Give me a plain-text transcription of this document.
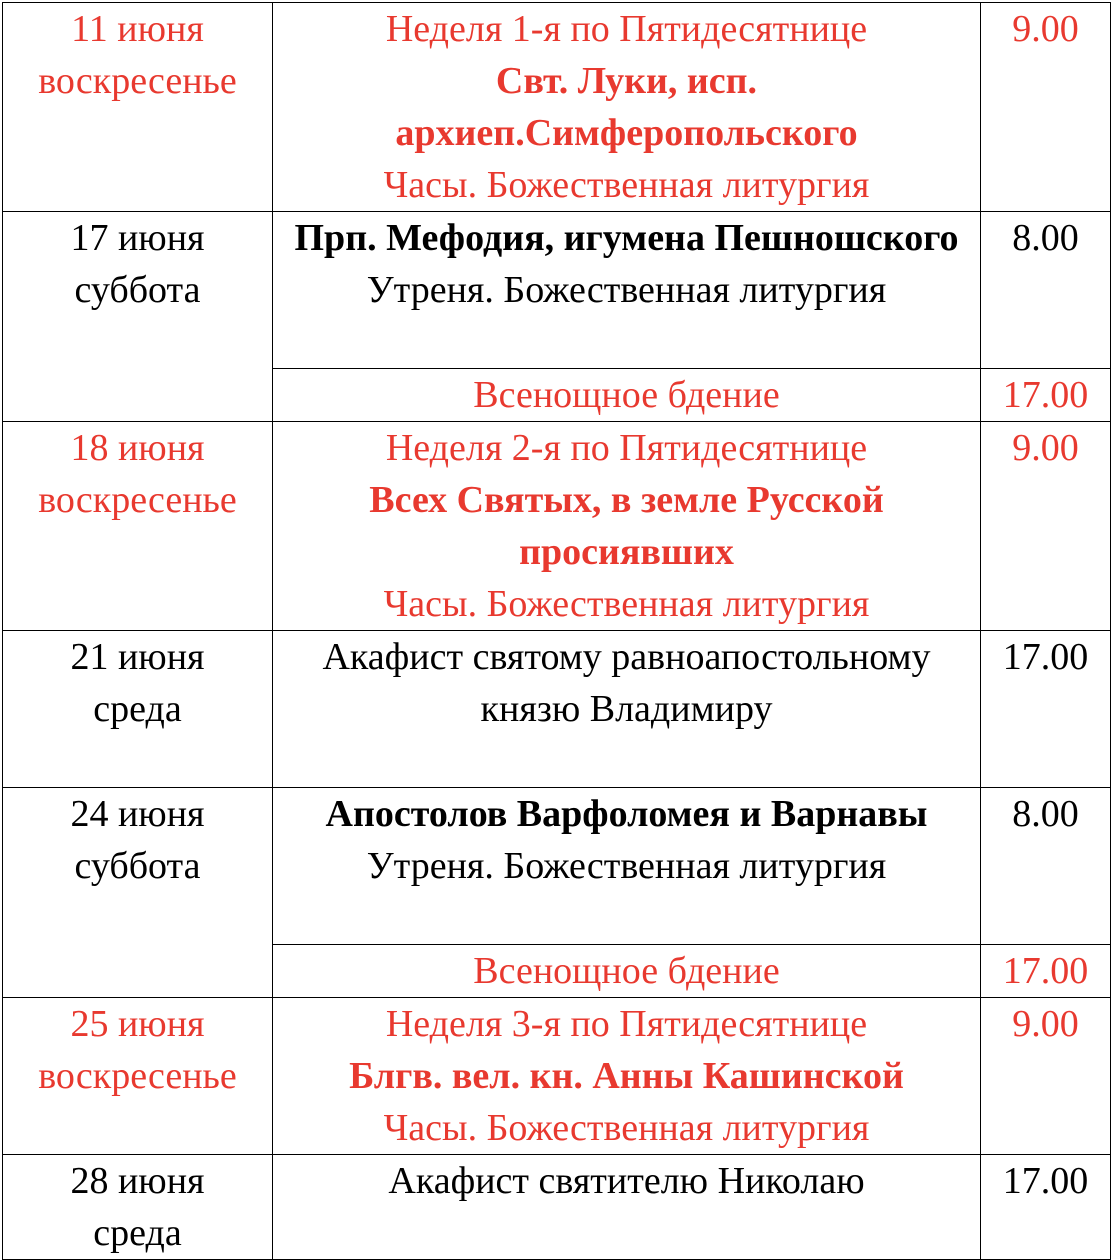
11 июня
воскресенье	Неделя 1-я по Пятидесятнице
Свт. Луки, исп. архиеп.Симферопольского
Часы. Божественная литургия	9.00

17 июня
суббота	Прп. Мефодия, игумена Пешношского
Утреня. Божественная литургия	8.00
	Всенощное бдение	17.00

18 июня
воскресенье	Неделя 2-я по Пятидесятнице
Всех Святых, в земле Русской просиявших
Часы. Божественная литургия	9.00

21 июня
среда	Акафист святому равноапостольному князю Владимиру	17.00

24 июня
суббота	Апостолов Варфоломея и Варнавы
Утреня. Божественная литургия	8.00
	Всенощное бдение	17.00

25 июня
воскресенье	Неделя 3-я по Пятидесятнице
Блгв. вел. кн. Анны Кашинской
Часы. Божественная литургия	9.00

28 июня
среда	Акафист святителю Николаю	17.00
